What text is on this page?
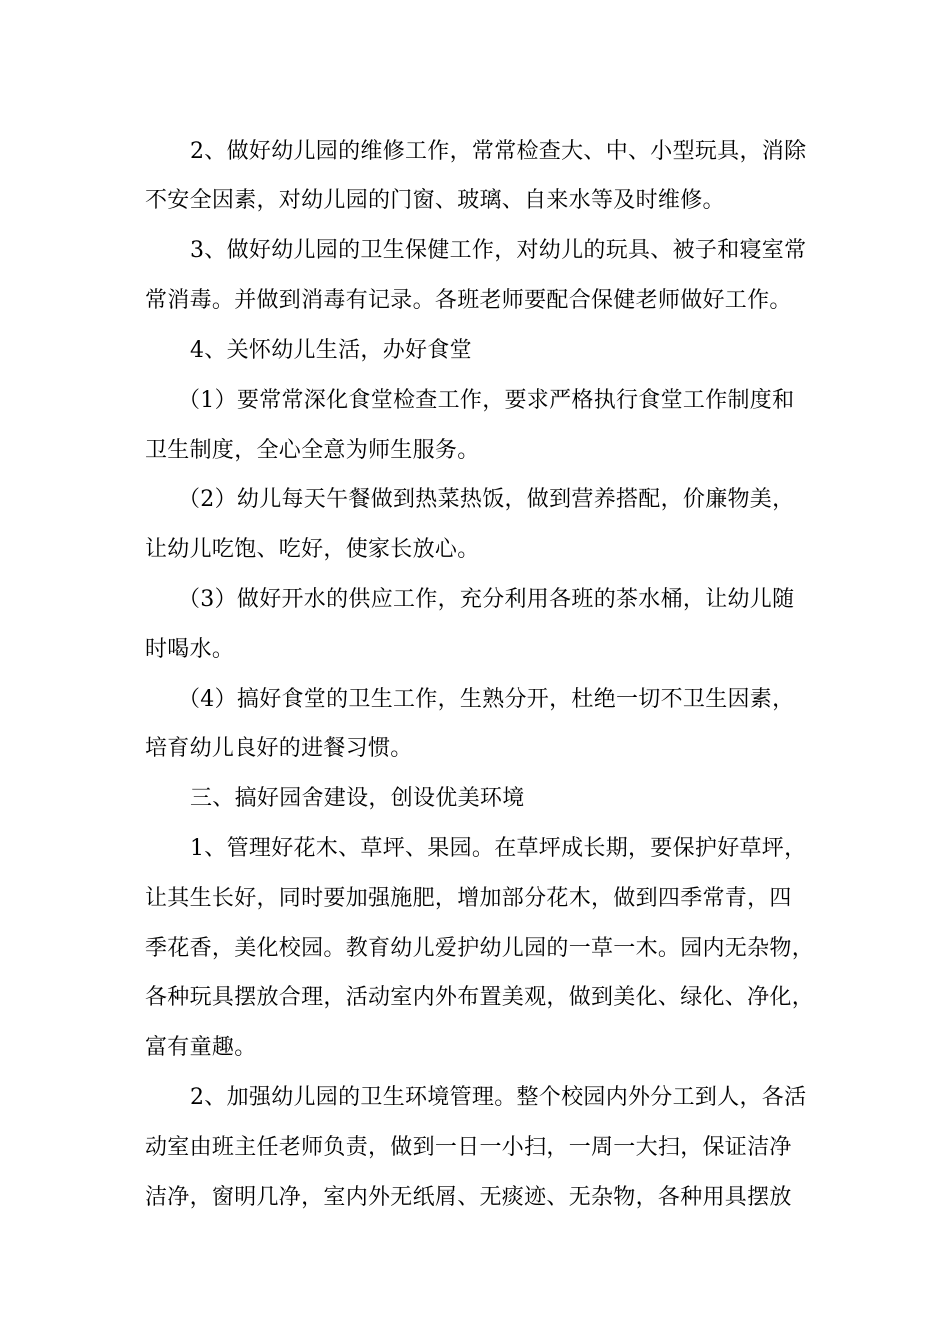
2、做好幼儿园的维修工作，常常检查大、中、小型玩具，消除

不安全因素，对幼儿园的门窗、玻璃、自来水等及时维修。

3、做好幼儿园的卫生保健工作，对幼儿的玩具、被子和寝室常

常消毒。并做到消毒有记录。各班老师要配合保健老师做好工作。

4、关怀幼儿生活，办好食堂

（1）要常常深化食堂检查工作，要求严格执行食堂工作制度和

卫生制度，全心全意为师生服务。

（2）幼儿每天午餐做到热菜热饭，做到营养搭配，价廉物美，

让幼儿吃饱、吃好，使家长放心。

（3）做好开水的供应工作，充分利用各班的茶水桶，让幼儿随

时喝水。

（4）搞好食堂的卫生工作，生熟分开，杜绝一切不卫生因素，

培育幼儿良好的进餐习惯。

三、搞好园舍建设，创设优美环境

1、管理好花木、草坪、果园。在草坪成长期，要保护好草坪，

让其生长好，同时要加强施肥，增加部分花木，做到四季常青，四

季花香，美化校园。教育幼儿爱护幼儿园的一草一木。园内无杂物，

各种玩具摆放合理，活动室内外布置美观，做到美化、绿化、净化，

富有童趣。

2、加强幼儿园的卫生环境管理。整个校园内外分工到人，各活

动室由班主任老师负责，做到一日一小扫，一周一大扫，保证洁净

洁净，窗明几净，室内外无纸屑、无痰迹、无杂物，各种用具摆放
